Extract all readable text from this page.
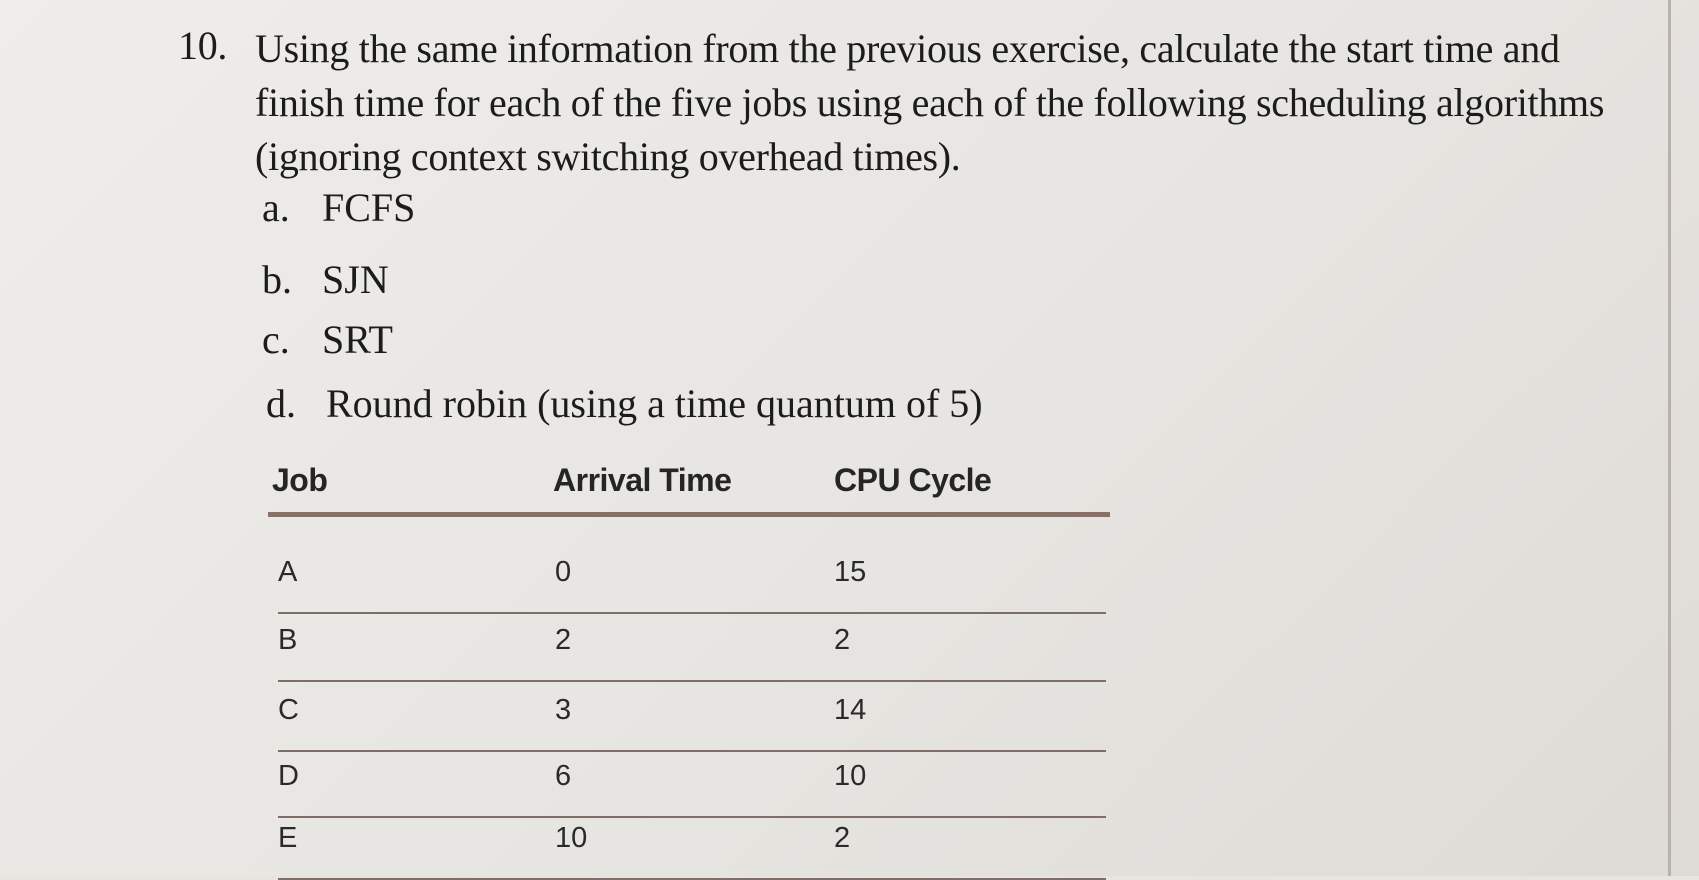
10. Using the same information from the previous exercise, calculate the start time and
finish time for each of the five jobs using each of the following scheduling algorithms
(ignoring context switching overhead times).
a. FCFS
b. SJN
c. SRT
d. Round robin (using a time quantum of 5)
Job	Arrival Time	CPU Cycle
A	0	15
B	2	2
C	3	14
D	6	10
E	10	2
